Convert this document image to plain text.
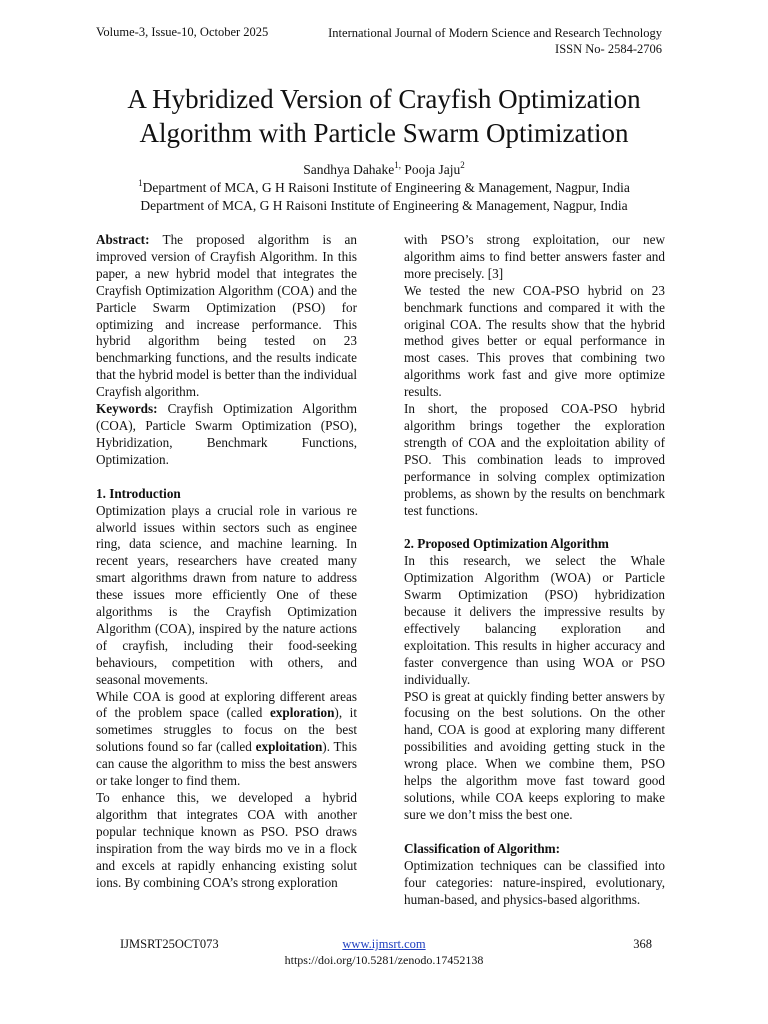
Volume-3, Issue-10, October 2025	International Journal of Modern Science and Research Technology
ISSN No- 2584-2706
A Hybridized Version of Crayfish Optimization
Algorithm with Particle Swarm Optimization
Sandhya Dahake$^{1,}$ Pooja Jaju$^2$
$^1$Department of MCA, G H Raisoni Institute of Engineering & Management, Nagpur, India
Department of MCA, G H Raisoni Institute of Engineering & Management, Nagpur, India

Abstract: The proposed algorithm is an improved version of Crayfish Algorithm. In this paper, a new hybrid model that integrates the Crayfish Optimization Algorithm (COA) and the Particle Swarm Optimization (PSO) for optimizing and increase performance. This hybrid algorithm being tested on 23 benchmarking functions, and the results indicate that the hybrid model is better than the individual Crayfish algorithm.

Keywords: Crayfish Optimization Algorithm (COA), Particle Swarm Optimization (PSO), Hybridization, Benchmark Functions, Optimization.

1. Introduction

Optimization plays a crucial role in various re alworld issues within sectors such as enginee ring, data science, and machine learning. In recent years, researchers have created many smart algorithms drawn from nature to address these issues more efficiently One of these algorithms is the Crayfish Optimization Algorithm (COA), inspired by the nature actions of crayfish, including their food-seeking behaviours, competition with others, and seasonal movements.

While COA is good at exploring different areas of the problem space (called exploration), it sometimes struggles to focus on the best solutions found so far (called exploitation). This can cause the algorithm to miss the best answers or take longer to find them.

To enhance this, we developed a hybrid algorithm that integrates COA with another popular technique known as PSO. PSO draws inspiration from the way birds mo ve in a flock

and excels at rapidly enhancing existing solut ions. By combining COA’s strong exploration

with PSO’s strong exploitation, our new algorithm aims to find better answers faster and more precisely. [3]

We tested the new COA-PSO hybrid on 23 benchmark functions and compared it with the original COA. The results show that the hybrid method gives better or equal performance in most cases. This proves that combining two algorithms work fast and give more optimize results.

In short, the proposed COA-PSO hybrid algorithm brings together the exploration strength of COA and the exploitation ability of PSO. This combination leads to improved performance in solving complex optimization problems, as shown by the results on benchmark test functions.

2. Proposed Optimization Algorithm

In this research, we select the Whale Optimization Algorithm (WOA) or Particle Swarm Optimization (PSO) hybridization because it delivers the impressive results by effectively balancing exploration and exploitation. This results in higher accuracy and faster convergence than using WOA or PSO individually.

PSO is great at quickly finding better answers by focusing on the best solutions. On the other hand, COA is good at exploring many different possibilities and avoiding getting stuck in the wrong place. When we combine them, PSO helps the algorithm move fast toward good solutions, while COA keeps exploring to make sure we don’t miss the best one.

Classification of Algorithm:

Optimization techniques can be classified into four categories: nature-inspired, evolutionary, human-based, and physics-based algorithms.

IJMSRT25OCT073	www.ijmsrt.com	368
https://doi.org/10.5281/zenodo.17452138
